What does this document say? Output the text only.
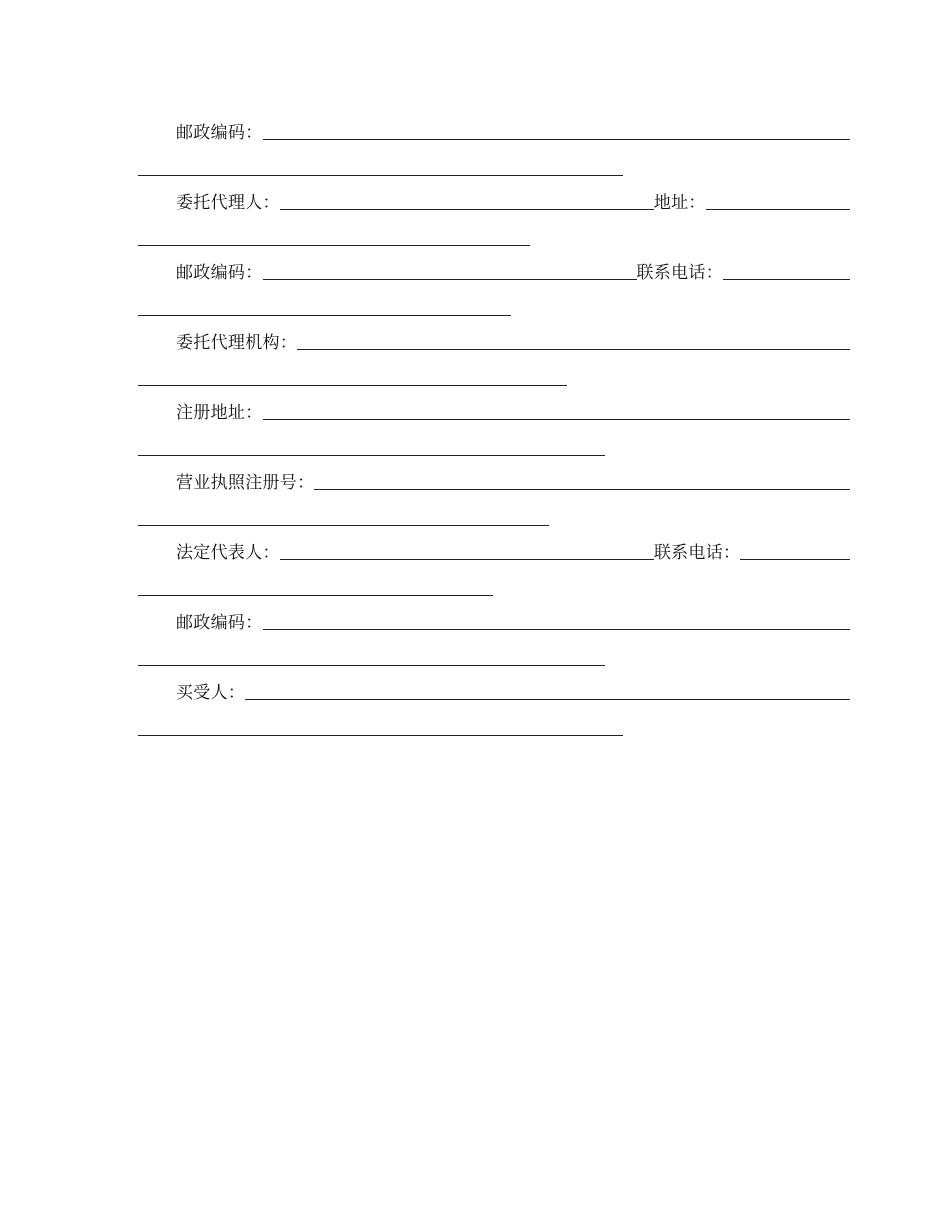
邮政编码：
委托代理人：	地址：
邮政编码：	联系电话：
委托代理机构：
注册地址：
营业执照注册号：
法定代表人：	联系电话：
邮政编码：
买受人：
